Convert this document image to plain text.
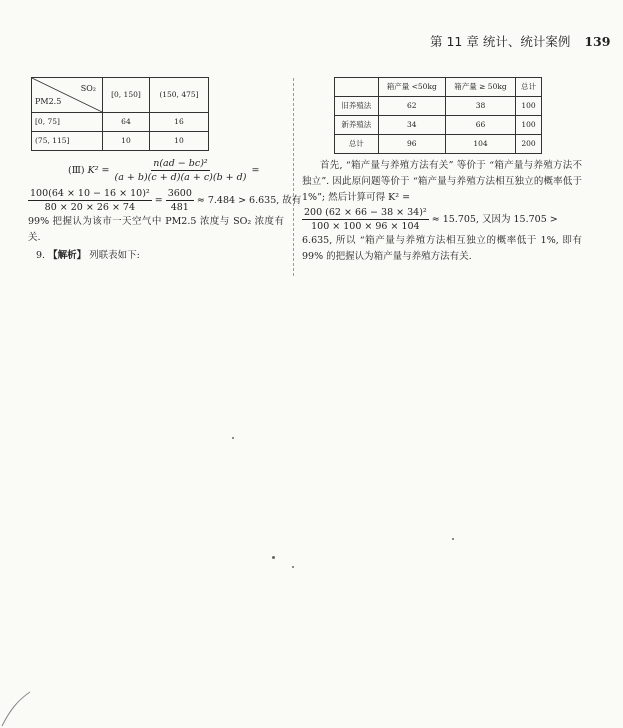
第 11 章 统计、统计案例 139
SO₂
PM2.5	[0, 150]	(150, 475]
[0, 75]	64	16
(75, 115]	10	10
(Ⅲ)
$K^2 = \frac{\text{n(ad − bc)²}}{(a + b)(c + d)(a + c)(b + d)}$ =
$\frac{\text{100(64 × 10 − 16 × 10)²}}{80 \times 20 \times 26 \times 74} = \frac{3600}{481} \approx 7.484 > 6.635$, 故有

99% 把握认为该市一天空气中 PM2.5 浓度与 SO₂ 浓度有关.

9. 【解析】 列联表如下:

	箱产量 <50kg	箱产量 ≥ 50kg	总计
旧养殖法	62	38	100
新养殖法	34	66	100
总计	96	104	200

首先, “箱产量与养殖方法有关” 等价于 “箱产量与养殖方法不独立”. 因此原问题等价于 “箱产量与养殖方法相互独立的概率低于 1%”; 然后计算可得 K² =

$\frac{\text{200 (62 × 66 − 38 × 34)²}}{100 \times 100 \times 96 \times 104} \approx 15.705$, 又因为 15.705 >

6.635, 所以 “箱产量与养殖方法相互独立的概率低于 1%, 即有 99% 的把握认为箱产量与养殖方法有关.
